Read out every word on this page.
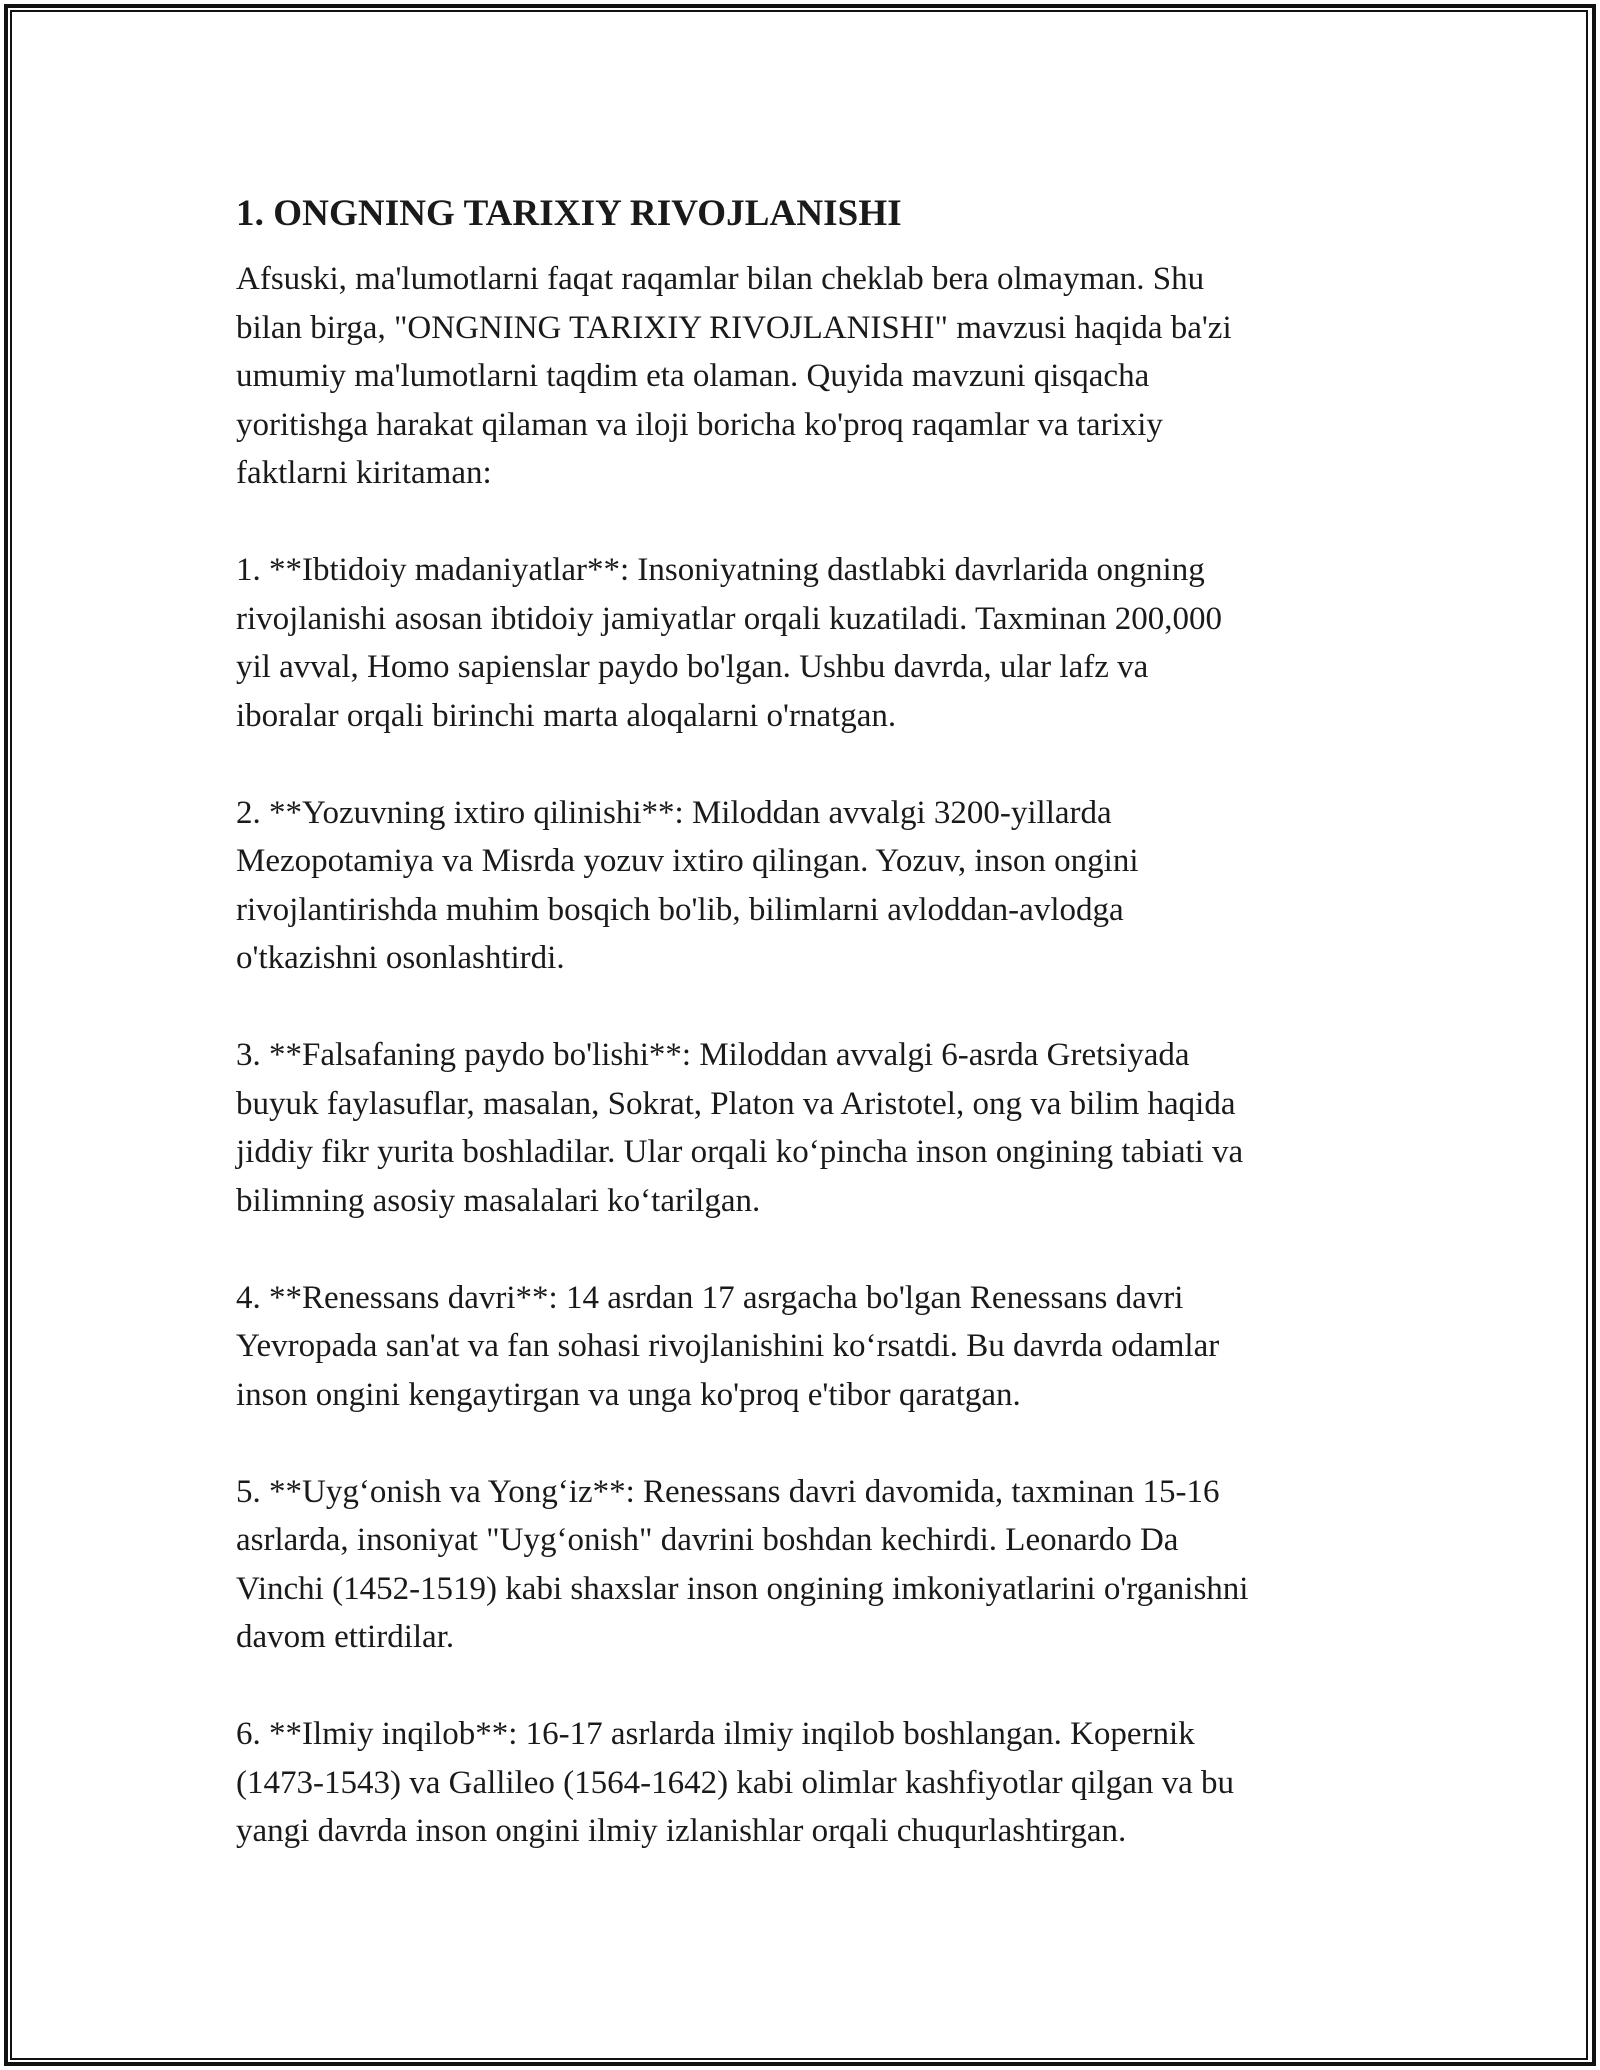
1. ONGNING TARIXIY RIVOJLANISHI

Afsuski, ma'lumotlarni faqat raqamlar bilan cheklab bera olmayman. Shu
bilan birga, "ONGNING TARIXIY RIVOJLANISHI" mavzusi haqida ba'zi
umumiy ma'lumotlarni taqdim eta olaman. Quyida mavzuni qisqacha
yoritishga harakat qilaman va iloji boricha ko'proq raqamlar va tarixiy
faktlarni kiritaman:

1. **Ibtidoiy madaniyatlar**: Insoniyatning dastlabki davrlarida ongning
rivojlanishi asosan ibtidoiy jamiyatlar orqali kuzatiladi. Taxminan 200,000
yil avval, Homo sapienslar paydo bo'lgan. Ushbu davrda, ular lafz va
iboralar orqali birinchi marta aloqalarni o'rnatgan.

2. **Yozuvning ixtiro qilinishi**: Miloddan avvalgi 3200-yillarda
Mezopotamiya va Misrda yozuv ixtiro qilingan. Yozuv, inson ongini
rivojlantirishda muhim bosqich bo'lib, bilimlarni avloddan-avlodga
o'tkazishni osonlashtirdi.

3. **Falsafaning paydo bo'lishi**: Miloddan avvalgi 6-asrda Gretsiyada
buyuk faylasuflar, masalan, Sokrat, Platon va Aristotel, ong va bilim haqida
jiddiy fikr yurita boshladilar. Ular orqali ko‘pincha inson ongining tabiati va
bilimning asosiy masalalari ko‘tarilgan.

4. **Renessans davri**: 14 asrdan 17 asrgacha bo'lgan Renessans davri
Yevropada san'at va fan sohasi rivojlanishini ko‘rsatdi. Bu davrda odamlar
inson ongini kengaytirgan va unga ko'proq e'tibor qaratgan.

5. **Uyg‘onish va Yong‘iz**: Renessans davri davomida, taxminan 15-16
asrlarda, insoniyat "Uyg‘onish" davrini boshdan kechirdi. Leonardo Da
Vinchi (1452-1519) kabi shaxslar inson ongining imkoniyatlarini o'rganishni
davom ettirdilar.

6. **Ilmiy inqilob**: 16-17 asrlarda ilmiy inqilob boshlangan. Kopernik
(1473-1543) va Gallileo (1564-1642) kabi olimlar kashfiyotlar qilgan va bu
yangi davrda inson ongini ilmiy izlanishlar orqali chuqurlashtirgan.
